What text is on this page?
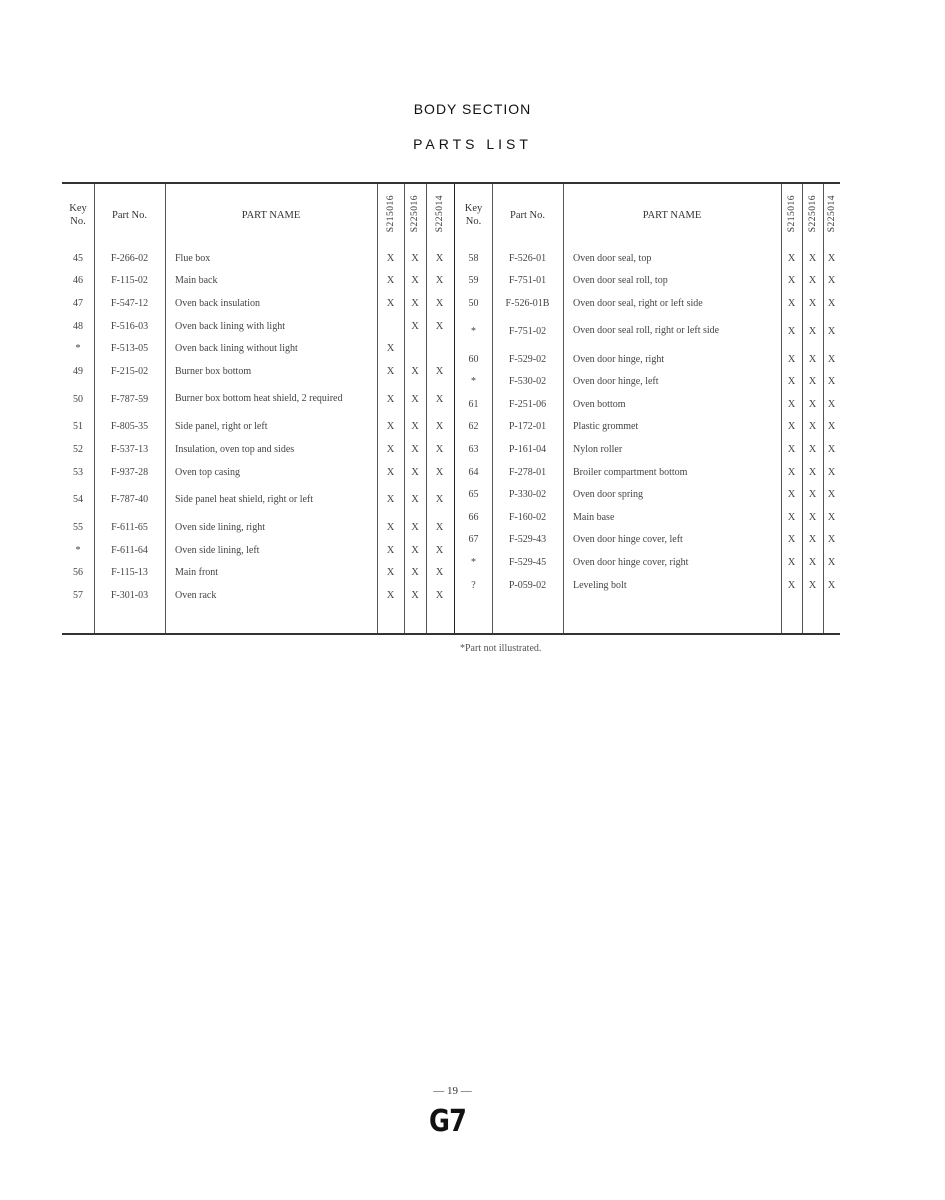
BODY SECTION
PARTS LIST
Key No.	Part No.	PART NAME	S215016	S225016	S225014
45	F-266-02	Flue box	X	X	X
46	F-115-02	Main back	X	X	X
47	F-547-12	Oven back insulation	X	X	X
48	F-516-03	Oven back lining with light		X	X
*	F-513-05	Oven back lining without light	X		
49	F-215-02	Burner box bottom	X	X	X
50	F-787-59	Burner box bottom heat shield, 2 required	X	X	X
51	F-805-35	Side panel, right or left	X	X	X
52	F-537-13	Insulation, oven top and sides	X	X	X
53	F-937-28	Oven top casing	X	X	X
54	F-787-40	Side panel heat shield, right or left	X	X	X
55	F-611-65	Oven side lining, right	X	X	X
*	F-611-64	Oven side lining, left	X	X	X
56	F-115-13	Main front	X	X	X
57	F-301-03	Oven rack	X	X	X
Key No.	Part No.	PART NAME	S215016	S225016	S225014
58	F-526-01	Oven door seal, top	X	X	X
59	F-751-01	Oven door seal roll, top	X	X	X
50	F-526-01B	Oven door seal, right or left side	X	X	X
*	F-751-02	Oven door seal roll, right or left side	X	X	X
60	F-529-02	Oven door hinge, right	X	X	X
*	F-530-02	Oven door hinge, left	X	X	X
61	F-251-06	Oven bottom	X	X	X
62	P-172-01	Plastic grommet	X	X	X
63	P-161-04	Nylon roller	X	X	X
64	F-278-01	Broiler compartment bottom	X	X	X
65	P-330-02	Oven door spring	X	X	X
66	F-160-02	Main base	X	X	X
67	F-529-43	Oven door hinge cover, left	X	X	X
*	F-529-45	Oven door hinge cover, right	X	X	X
?	P-059-02	Leveling bolt	X	X	X
*Part not illustrated.
— 19 —
G7
